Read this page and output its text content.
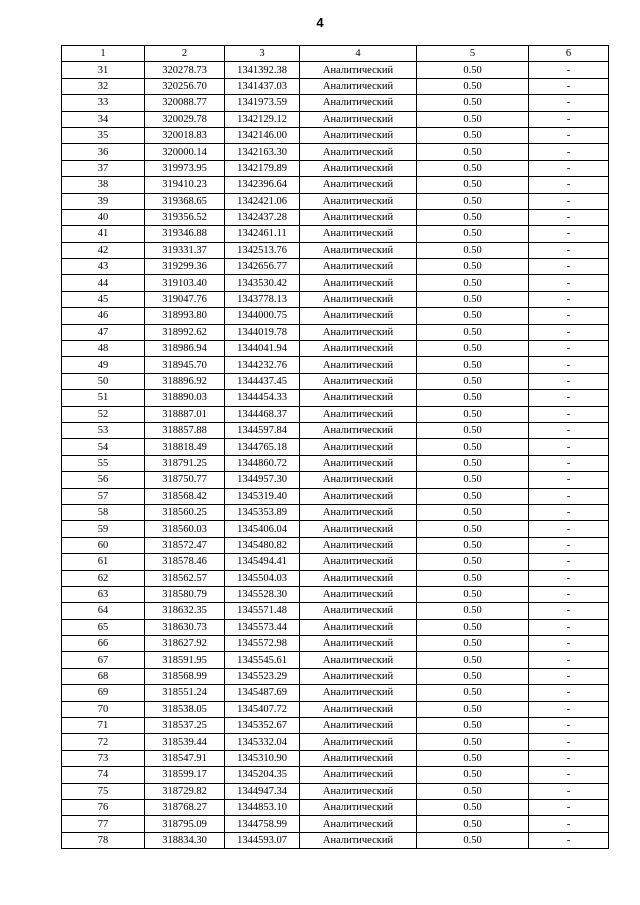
4
1	2	3	4	5	6
31	320278.73	1341392.38	Аналитический	0.50	-
32	320256.70	1341437.03	Аналитический	0.50	-
33	320088.77	1341973.59	Аналитический	0.50	-
34	320029.78	1342129.12	Аналитический	0.50	-
35	320018.83	1342146.00	Аналитический	0.50	-
36	320000.14	1342163.30	Аналитический	0.50	-
37	319973.95	1342179.89	Аналитический	0.50	-
38	319410.23	1342396.64	Аналитический	0.50	-
39	319368.65	1342421.06	Аналитический	0.50	-
40	319356.52	1342437.28	Аналитический	0.50	-
41	319346.88	1342461.11	Аналитический	0.50	-
42	319331.37	1342513.76	Аналитический	0.50	-
43	319299.36	1342656.77	Аналитический	0.50	-
44	319103.40	1343530.42	Аналитический	0.50	-
45	319047.76	1343778.13	Аналитический	0.50	-
46	318993.80	1344000.75	Аналитический	0.50	-
47	318992.62	1344019.78	Аналитический	0.50	-
48	318986.94	1344041.94	Аналитический	0.50	-
49	318945.70	1344232.76	Аналитический	0.50	-
50	318896.92	1344437.45	Аналитический	0.50	-
51	318890.03	1344454.33	Аналитический	0.50	-
52	318887.01	1344468.37	Аналитический	0.50	-
53	318857.88	1344597.84	Аналитический	0.50	-
54	318818.49	1344765.18	Аналитический	0.50	-
55	318791.25	1344860.72	Аналитический	0.50	-
56	318750.77	1344957.30	Аналитический	0.50	-
57	318568.42	1345319.40	Аналитический	0.50	-
58	318560.25	1345353.89	Аналитический	0.50	-
59	318560.03	1345406.04	Аналитический	0.50	-
60	318572.47	1345480.82	Аналитический	0.50	-
61	318578.46	1345494.41	Аналитический	0.50	-
62	318562.57	1345504.03	Аналитический	0.50	-
63	318580.79	1345528.30	Аналитический	0.50	-
64	318632.35	1345571.48	Аналитический	0.50	-
65	318630.73	1345573.44	Аналитический	0.50	-
66	318627.92	1345572.98	Аналитический	0.50	-
67	318591.95	1345545.61	Аналитический	0.50	-
68	318568.99	1345523.29	Аналитический	0.50	-
69	318551.24	1345487.69	Аналитический	0.50	-
70	318538.05	1345407.72	Аналитический	0.50	-
71	318537.25	1345352.67	Аналитический	0.50	-
72	318539.44	1345332.04	Аналитический	0.50	-
73	318547.91	1345310.90	Аналитический	0.50	-
74	318599.17	1345204.35	Аналитический	0.50	-
75	318729.82	1344947.34	Аналитический	0.50	-
76	318768.27	1344853.10	Аналитический	0.50	-
77	318795.09	1344758.99	Аналитический	0.50	-
78	318834.30	1344593.07	Аналитический	0.50	-
